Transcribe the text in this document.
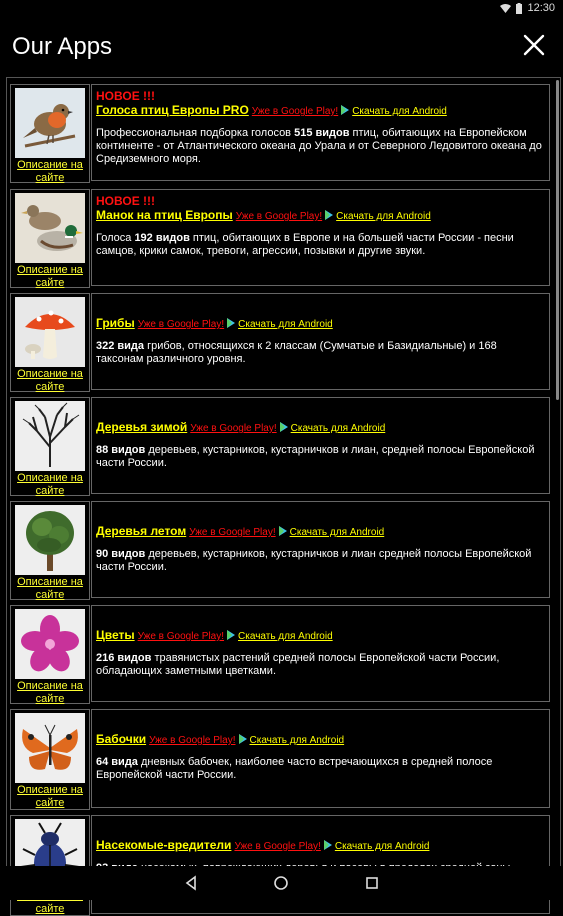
12:30
Our Apps
Описание на
сайте
НОВОЕ !!!
Голоса птиц Европы PRO Уже в Google Play! Скачать для Android
Профессиональная подборка голосов 515 видов птиц, обитающих на Европейском континенте - от Атлантического океана до Урала и от Северного Ледовитого океана до Средиземного моря.
Описание на
сайте
НОВОЕ !!!
Манок на птиц Европы Уже в Google Play! Скачать для Android
Голоса 192 видов птиц, обитающих в Европе и на большей части России - песни самцов, крики самок, тревоги, агрессии, позывки и другие звуки.
Описание на
сайте
Грибы Уже в Google Play! Скачать для Android
322 вида грибов, относящихся к 2 классам (Сумчатые и Базидиальные) и 168 таксонам различного уровня.
Описание на
сайте
Деревья зимой Уже в Google Play! Скачать для Android
88 видов деревьев, кустарников, кустарничков и лиан, средней полосы Европейской части России.
Описание на
сайте
Деревья летом Уже в Google Play! Скачать для Android
90 видов деревьев, кустарников, кустарничков и лиан средней полосы Европейской части России.
Описание на
сайте
Цветы Уже в Google Play! Скачать для Android
216 видов травянистых растений средней полосы Европейской части России, обладающих заметными цветками.
Описание на
сайте
Бабочки Уже в Google Play! Скачать для Android
64 вида дневных бабочек, наиболее часто встречающихся в средней полосе Европейской части России.

сайте
Насекомые-вредители Уже в Google Play! Скачать для Android
